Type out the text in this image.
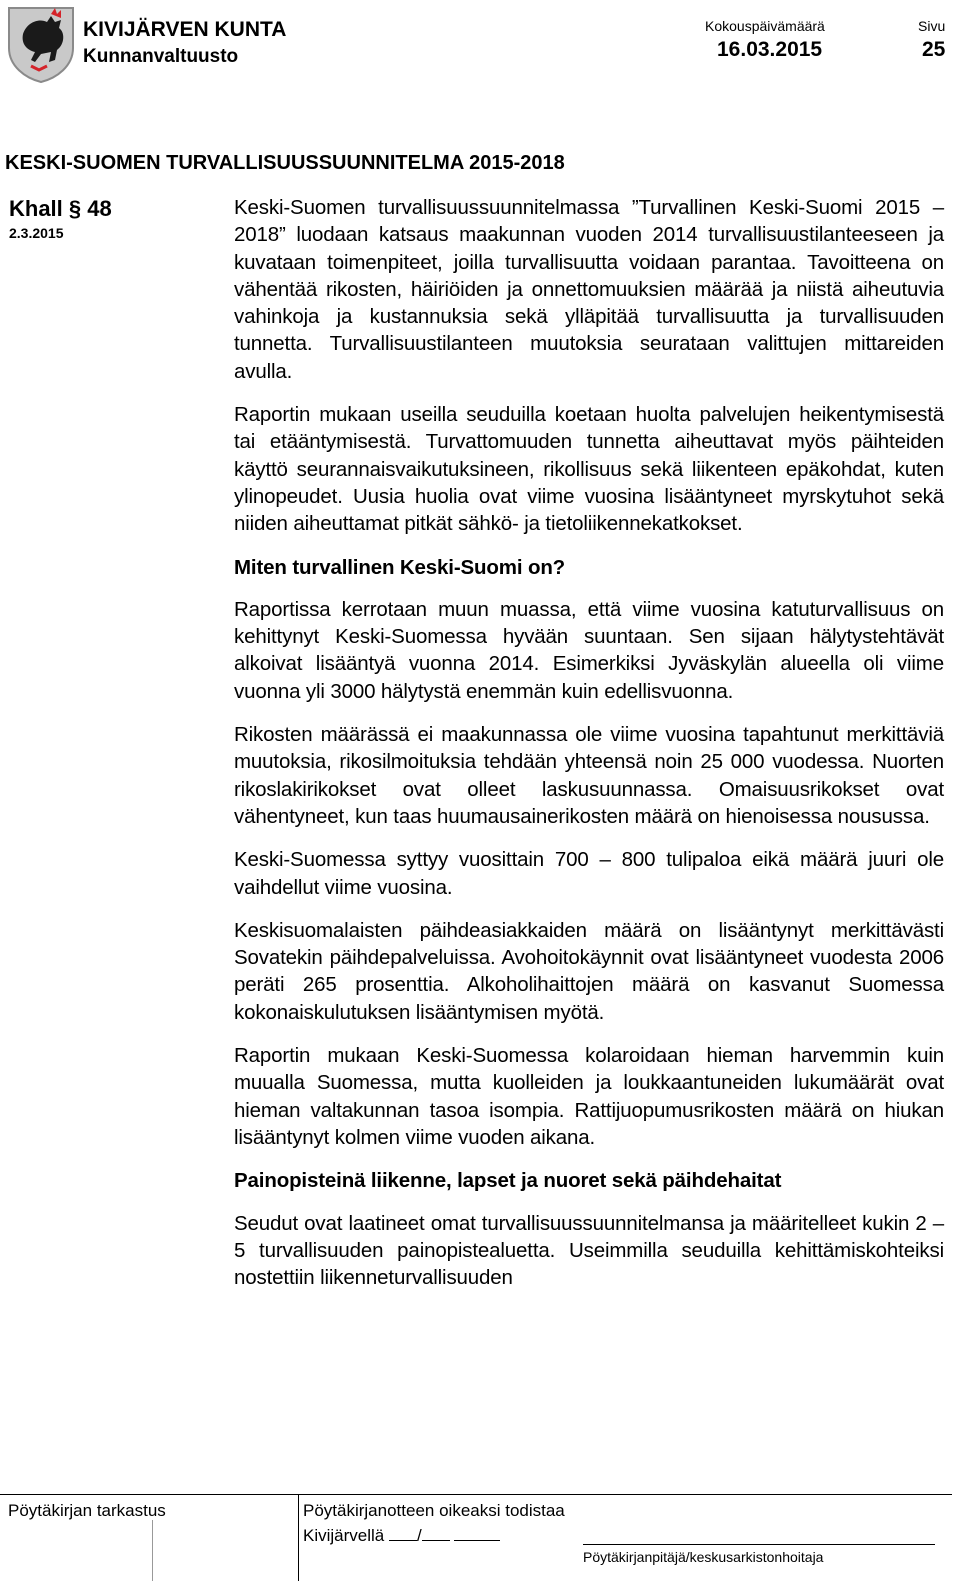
KIVIJÄRVEN KUNTA
Kunnanvaltuusto
Kokouspäivämäärä
16.03.2015
Sivu
25
KESKI-SUOMEN TURVALLISUUSSUUNNITELMA 2015-2018
Khall § 48
2.3.2015

Keski-Suomen turvallisuussuunnitelmassa ”Turvallinen Keski-Suomi 2015 – 2018” luodaan katsaus maakunnan vuoden 2014 turvallisuustilanteeseen ja kuvataan toimenpiteet, joilla turvallisuutta voidaan parantaa. Tavoitteena on vähentää rikosten, häiriöiden ja onnettomuuksien määrää ja niistä aiheutuvia vahinkoja ja kustannuksia sekä ylläpitää turvallisuutta ja turvallisuuden tunnetta. Turvallisuustilanteen muutoksia seurataan valittujen mittareiden avulla.

Raportin mukaan useilla seuduilla koetaan huolta palvelujen heikentymisestä tai etääntymisestä. Turvattomuuden tunnetta aiheuttavat myös päihteiden käyttö seurannaisvaikutuksineen, rikollisuus sekä liikenteen epäkohdat, kuten ylinopeudet. Uusia huolia ovat viime vuosina lisääntyneet myrskytuhot sekä niiden aiheuttamat pitkät sähkö- ja tietoliikennekatkokset.

Miten turvallinen Keski-Suomi on?

Raportissa kerrotaan muun muassa, että viime vuosina katuturvallisuus on kehittynyt Keski-Suomessa hyvään suuntaan. Sen sijaan hälytystehtävät alkoivat lisääntyä vuonna 2014. Esimerkiksi Jyväskylän alueella oli viime vuonna yli 3000 hälytystä enemmän kuin edellisvuonna.

Rikosten määrässä ei maakunnassa ole viime vuosina tapahtunut merkittäviä muutoksia, rikosilmoituksia tehdään yhteensä noin 25 000 vuodessa. Nuorten rikoslakirikokset ovat olleet laskusuunnassa. Omaisuusrikokset ovat vähentyneet, kun taas huumausainerikosten määrä on hienoisessa nousussa.

Keski-Suomessa syttyy vuosittain 700 – 800 tulipaloa eikä määrä juuri ole vaihdellut viime vuosina.

Keskisuomalaisten päihdeasiakkaiden määrä on lisääntynyt merkittävästi Sovatekin päihdepalveluissa. Avohoitokäynnit ovat lisääntyneet vuodesta 2006 peräti 265 prosenttia. Alkoholihaittojen määrä on kasvanut Suomessa kokonaiskulutuksen lisääntymisen myötä.

Raportin mukaan Keski-Suomessa kolaroidaan hieman harvemmin kuin muualla Suomessa, mutta kuolleiden ja loukkaantuneiden lukumäärät ovat hieman valtakunnan tasoa isompia. Rattijuopumusrikosten määrä on hiukan lisääntynyt kolmen viime vuoden aikana.

Painopisteinä liikenne, lapset ja nuoret sekä päihdehaitat

Seudut ovat laatineet omat turvallisuussuunnitelmansa ja määritelleet kukin 2 – 5 turvallisuuden painopistealuetta. Useimmilla seuduilla kehittämiskohteiksi nostettiin liikenneturvallisuuden

Pöytäkirjan tarkastus	Pöytäkirjanotteen oikeaksi todistaa
Kivijärvellä /
Pöytäkirjanpitäjä/keskusarkistonhoitaja
